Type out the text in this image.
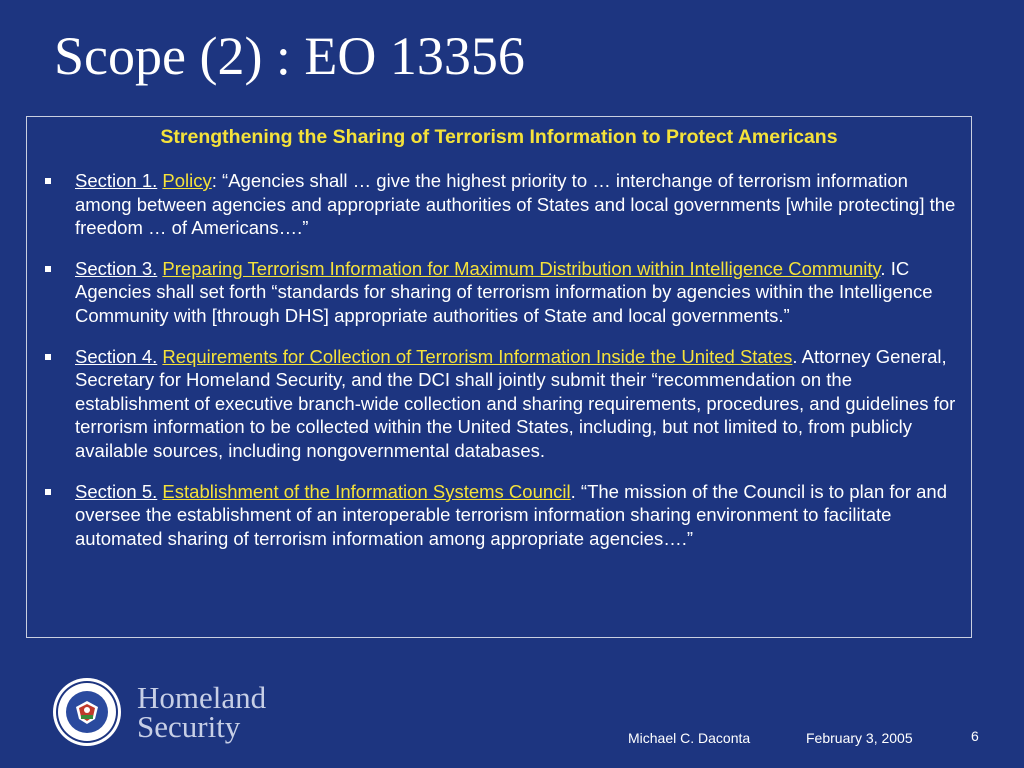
Scope (2) : EO 13356
Strengthening the Sharing of Terrorism Information to Protect Americans
Section 1. Policy: “Agencies shall … give the highest priority to … interchange of terrorism information among between agencies and appropriate authorities of States and local governments [while protecting] the freedom … of Americans….”
Section 3. Preparing Terrorism Information for Maximum Distribution within Intelligence Community. IC Agencies shall set forth “standards for sharing of terrorism information by agencies within the Intelligence Community with [through DHS] appropriate authorities of State and local governments.”
Section 4. Requirements for Collection of Terrorism Information Inside the United States. Attorney General, Secretary for Homeland Security, and the DCI shall jointly submit their “recommendation on the establishment of executive branch-wide collection and sharing requirements, procedures, and guidelines for terrorism information to be collected within the United States, including, but not limited to, from publicly available sources, including nongovernmental databases.
Section 5. Establishment of the Information Systems Council. “The mission of the Council is to plan for and oversee the establishment of an interoperable terrorism information sharing environment to facilitate automated sharing of terrorism information among appropriate agencies….”
Homeland
Security	Michael C. Daconta	February 3, 2005	6
